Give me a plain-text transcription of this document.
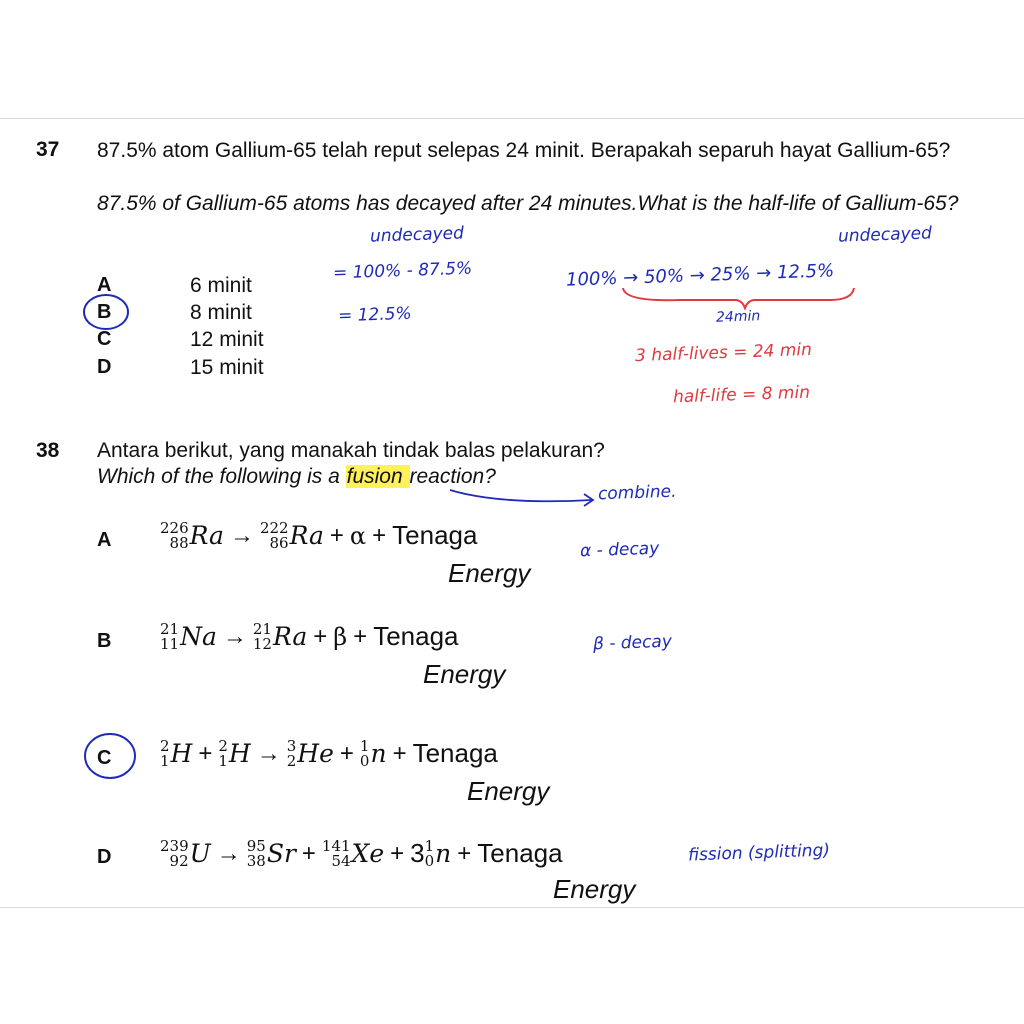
37 87.5% atom Gallium-65 telah reput selepas 24 minit. Berapakah separuh hayat Gallium-65?
87.5% of Gallium-65 atoms has decayed after 24 minutes.What is the half-life of Gallium-65?
A	6 minit
B	8 minit
C	12 minit
D	15 minit
undecayed	undecayed
= 100% - 87.5%
= 12.5%
100% → 50% → 25% → 12.5%
24min
3 half-lives = 24 min
half-life = 8 min
38 Antara berikut, yang manakah tindak balas pelakuran?
Which of the following is a fusion reaction?
combine.
A
226
88 Ra → 222
86 Ra + α + Tenaga
Energy
α - decay
B
21
11 Na → 21
12 Ra + β + Tenaga
Energy
β - decay
C
2
1 H + 2
1 H → 3
2 He + 1
0 n + Tenaga
Energy
D
239
92 U → 95
38 Sr + 141
54 Xe + 3 1
0 n + Tenaga
Energy
fission (splitting)
